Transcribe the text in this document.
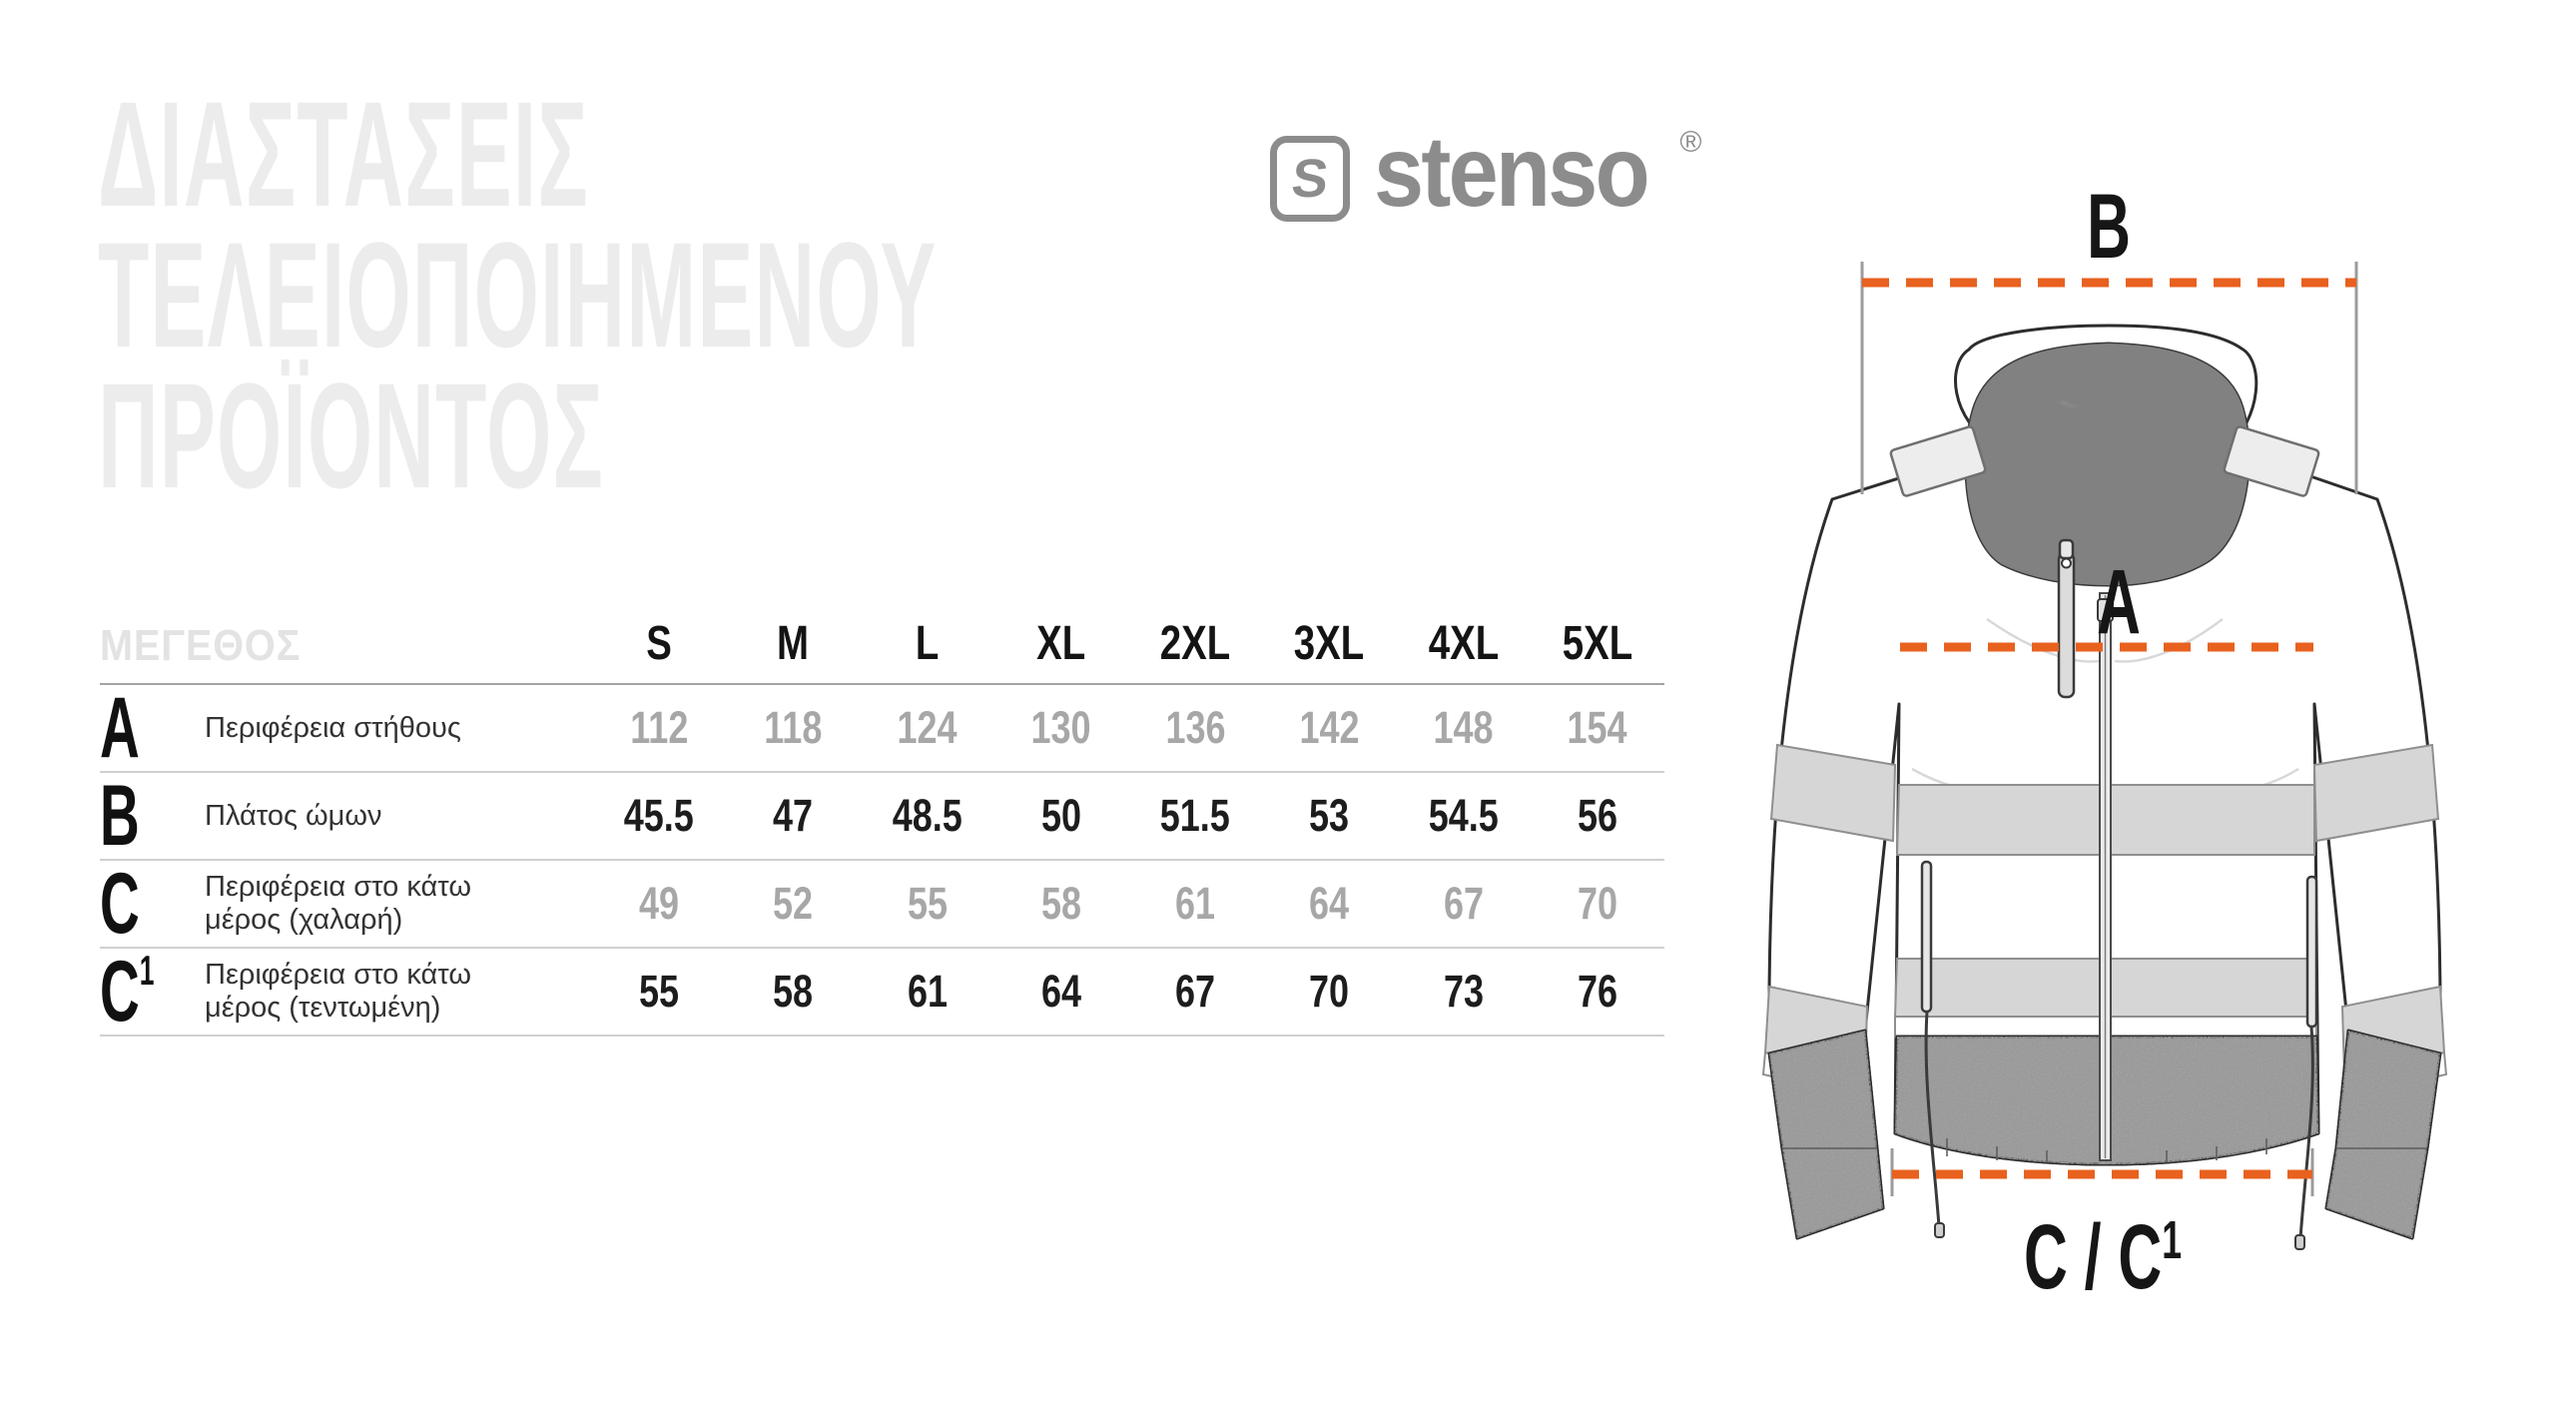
ΔΙΑΣΤΑΣΕΙΣ
ΤΕΛΕΙΟΠΟΙΗΜΕΝΟΥ
ΠΡΟΪΟΝΤΟΣ
S stenso ®
ΜΕΓΕΘΟΣ	S	M	L	XL	2XL	3XL	4XL	5XL
A	Περιφέρεια στήθους	112	118	124	130	136	142	148	154
B	Πλάτος ώμων	45.5	47	48.5	50	51.5	53	54.5	56
C	Περιφέρεια στο κάτω μέρος (χαλαρή)	49	52	55	58	61	64	67	70
$C^1$	Περιφέρεια στο κάτω μέρος (τεντωμένη)	55	58	61	64	67	70	73	76
B
A
C / $C^1$
